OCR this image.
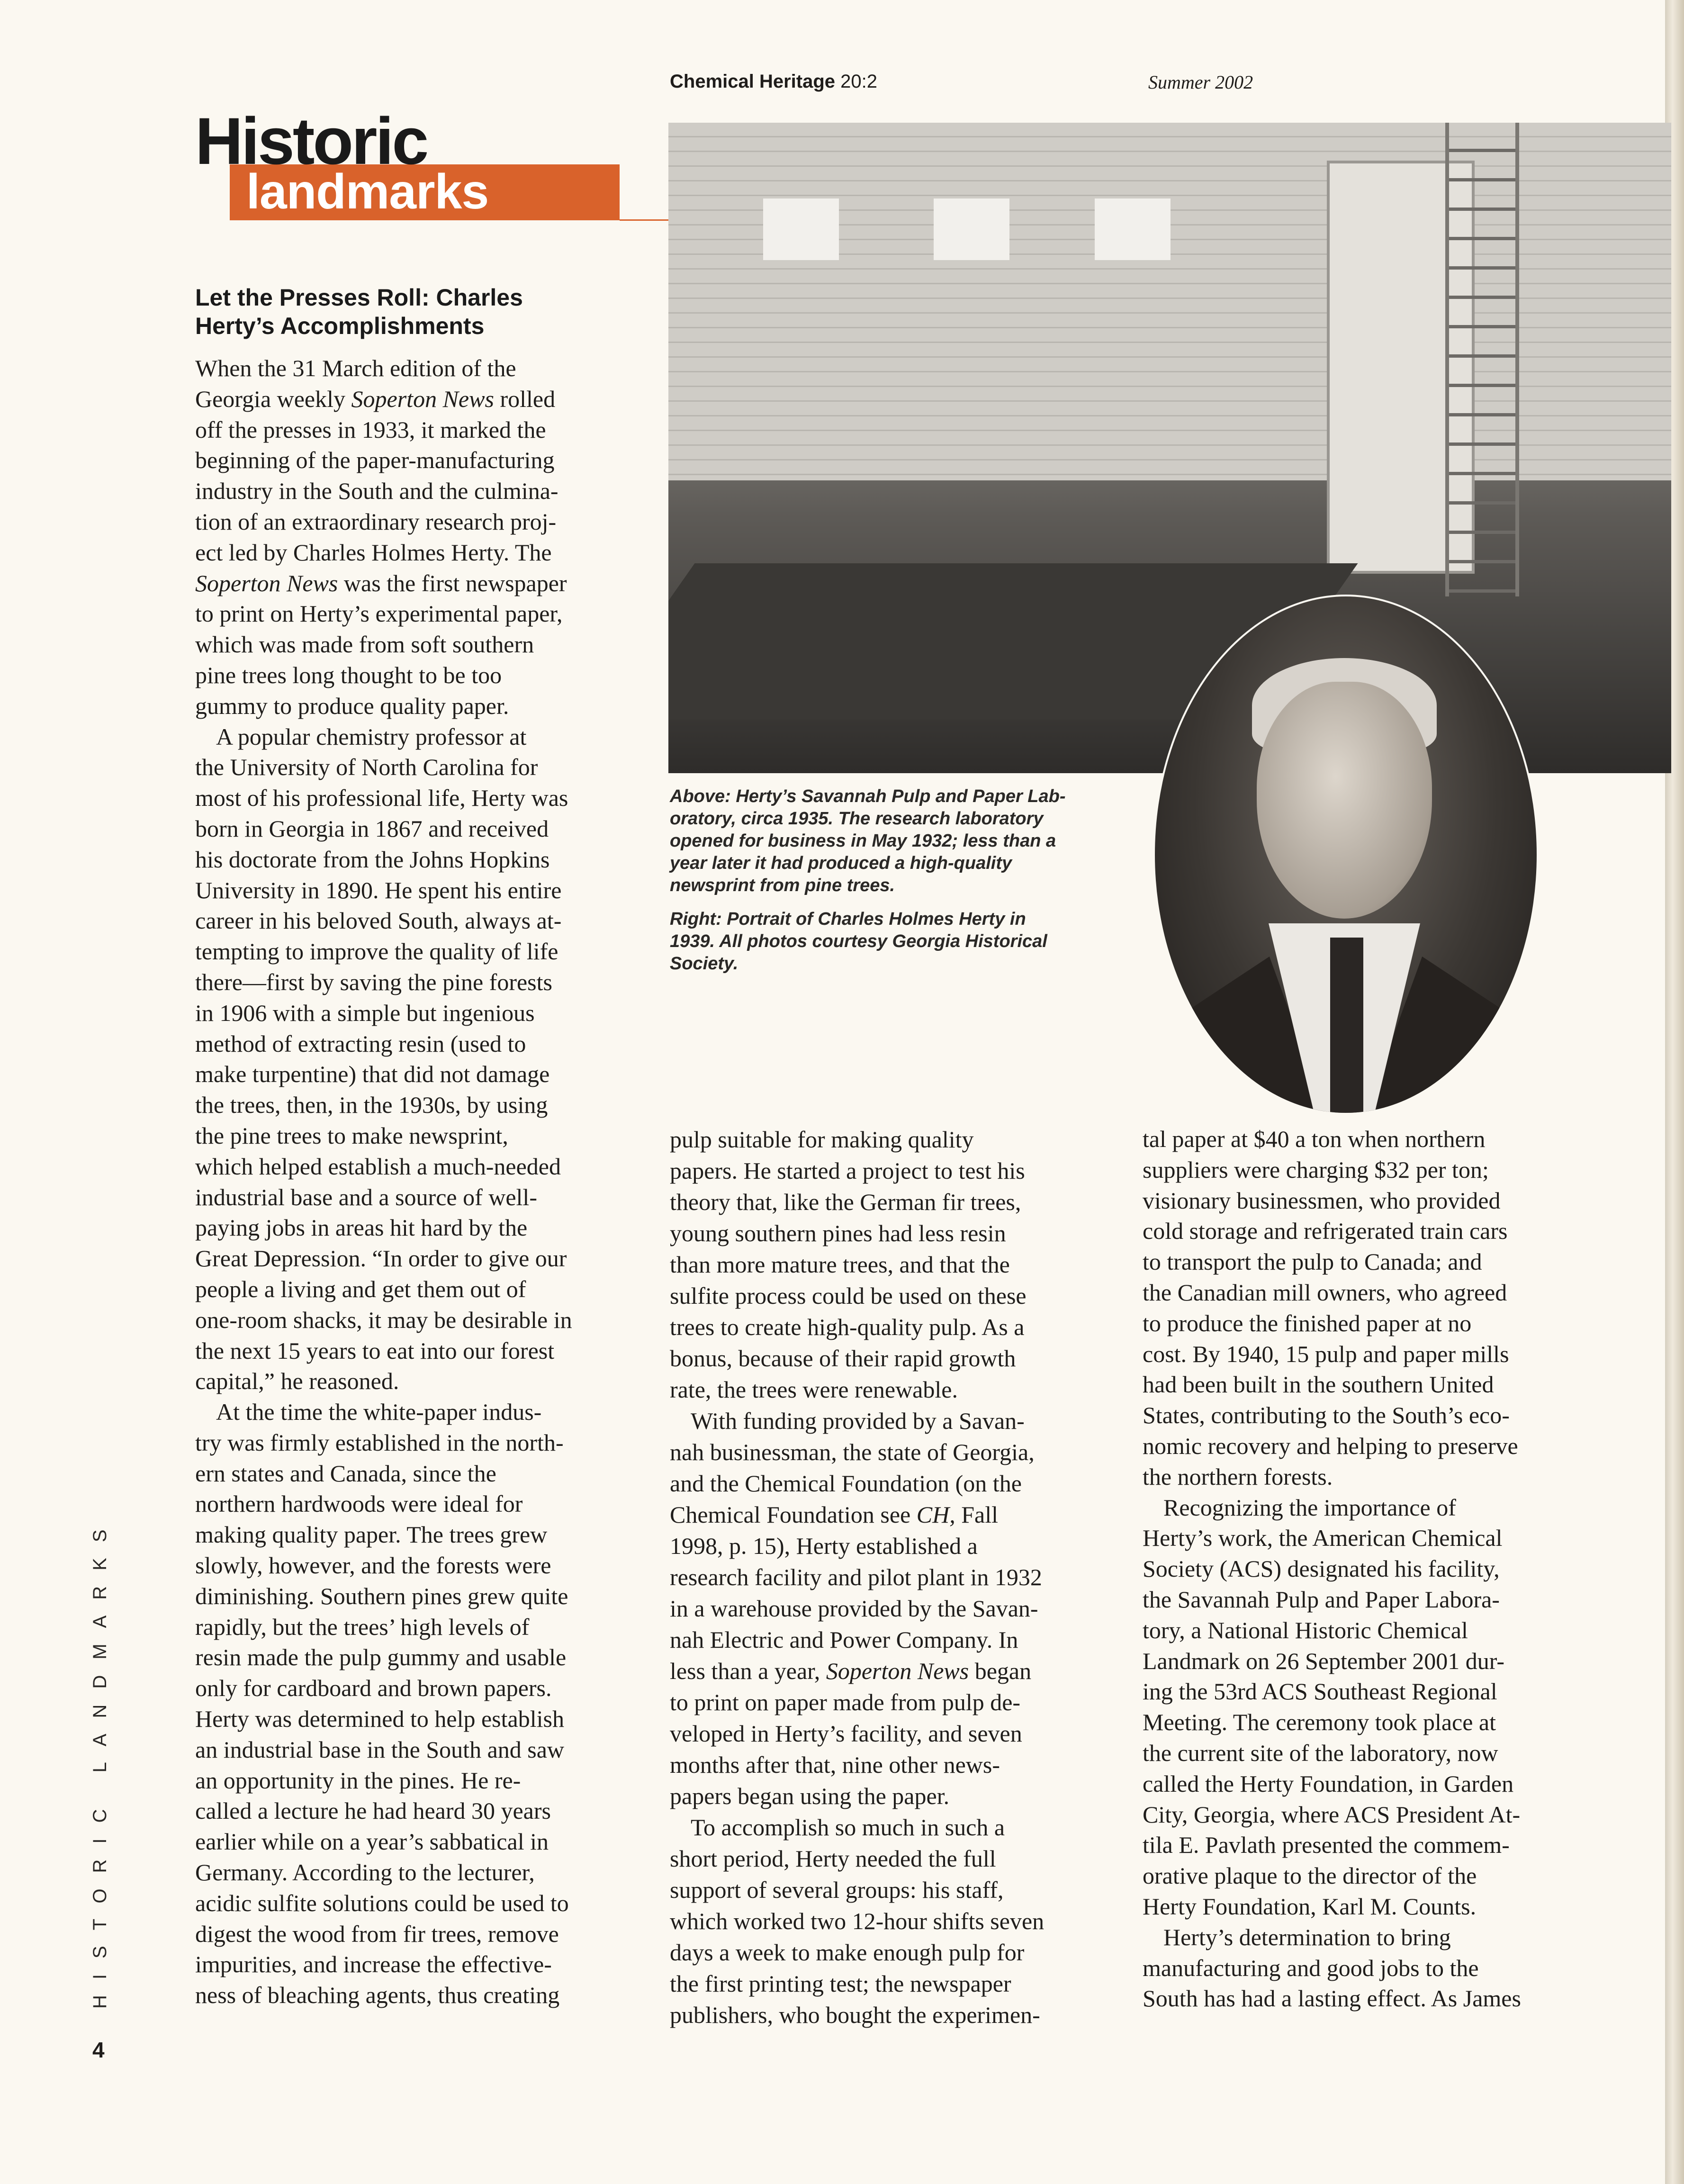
Chemical Heritage 20:2	Summer 2002
Historic
landmarks
Let the Presses Roll: Charles
Herty’s Accomplishments
When the 31 March edition of the
Georgia weekly Soperton News rolled
off the presses in 1933, it marked the
beginning of the paper-manufacturing
industry in the South and the culmina-
tion of an extraordinary research proj-
ect led by Charles Holmes Herty. The
Soperton News was the first newspaper
to print on Herty’s experimental paper,
which was made from soft southern
pine trees long thought to be too
gummy to produce quality paper.
A popular chemistry professor at
the University of North Carolina for
most of his professional life, Herty was
born in Georgia in 1867 and received
his doctorate from the Johns Hopkins
University in 1890. He spent his entire
career in his beloved South, always at-
tempting to improve the quality of life
there—first by saving the pine forests
in 1906 with a simple but ingenious
method of extracting resin (used to
make turpentine) that did not damage
the trees, then, in the 1930s, by using
the pine trees to make newsprint,
which helped establish a much-needed
industrial base and a source of well-
paying jobs in areas hit hard by the
Great Depression. “In order to give our
people a living and get them out of
one-room shacks, it may be desirable in
the next 15 years to eat into our forest
capital,” he reasoned.
At the time the white-paper indus-
try was firmly established in the north-
ern states and Canada, since the
northern hardwoods were ideal for
making quality paper. The trees grew
slowly, however, and the forests were
diminishing. Southern pines grew quite
rapidly, but the trees’ high levels of
resin made the pulp gummy and usable
only for cardboard and brown papers.
Herty was determined to help establish
an industrial base in the South and saw
an opportunity in the pines. He re-
called a lecture he had heard 30 years
earlier while on a year’s sabbatical in
Germany. According to the lecturer,
acidic sulfite solutions could be used to
digest the wood from fir trees, remove
impurities, and increase the effective-
ness of bleaching agents, thus creating
pulp suitable for making quality
papers. He started a project to test his
theory that, like the German fir trees,
young southern pines had less resin
than more mature trees, and that the
sulfite process could be used on these
trees to create high-quality pulp. As a
bonus, because of their rapid growth
rate, the trees were renewable.
With funding provided by a Savan-
nah businessman, the state of Georgia,
and the Chemical Foundation (on the
Chemical Foundation see CH, Fall
1998, p. 15), Herty established a
research facility and pilot plant in 1932
in a warehouse provided by the Savan-
nah Electric and Power Company. In
less than a year, Soperton News began
to print on paper made from pulp de-
veloped in Herty’s facility, and seven
months after that, nine other news-
papers began using the paper.
To accomplish so much in such a
short period, Herty needed the full
support of several groups: his staff,
which worked two 12-hour shifts seven
days a week to make enough pulp for
the first printing test; the newspaper
publishers, who bought the experimen-
tal paper at $40 a ton when northern
suppliers were charging $32 per ton;
visionary businessmen, who provided
cold storage and refrigerated train cars
to transport the pulp to Canada; and
the Canadian mill owners, who agreed
to produce the finished paper at no
cost. By 1940, 15 pulp and paper mills
had been built in the southern United
States, contributing to the South’s eco-
nomic recovery and helping to preserve
the northern forests.
Recognizing the importance of
Herty’s work, the American Chemical
Society (ACS) designated his facility,
the Savannah Pulp and Paper Labora-
tory, a National Historic Chemical
Landmark on 26 September 2001 dur-
ing the 53rd ACS Southeast Regional
Meeting. The ceremony took place at
the current site of the laboratory, now
called the Herty Foundation, in Garden
City, Georgia, where ACS President At-
tila E. Pavlath presented the commem-
orative plaque to the director of the
Herty Foundation, Karl M. Counts.
Herty’s determination to bring
manufacturing and good jobs to the
South has had a lasting effect. As James
Above: Herty’s Savannah Pulp and Paper Lab-
oratory, circa 1935. The research laboratory
opened for business in May 1932; less than a
year later it had produced a high-quality
newsprint from pine trees.
Right: Portrait of Charles Holmes Herty in
1939. All photos courtesy Georgia Historical
Society.
HISTORIC LANDMARKS
4
